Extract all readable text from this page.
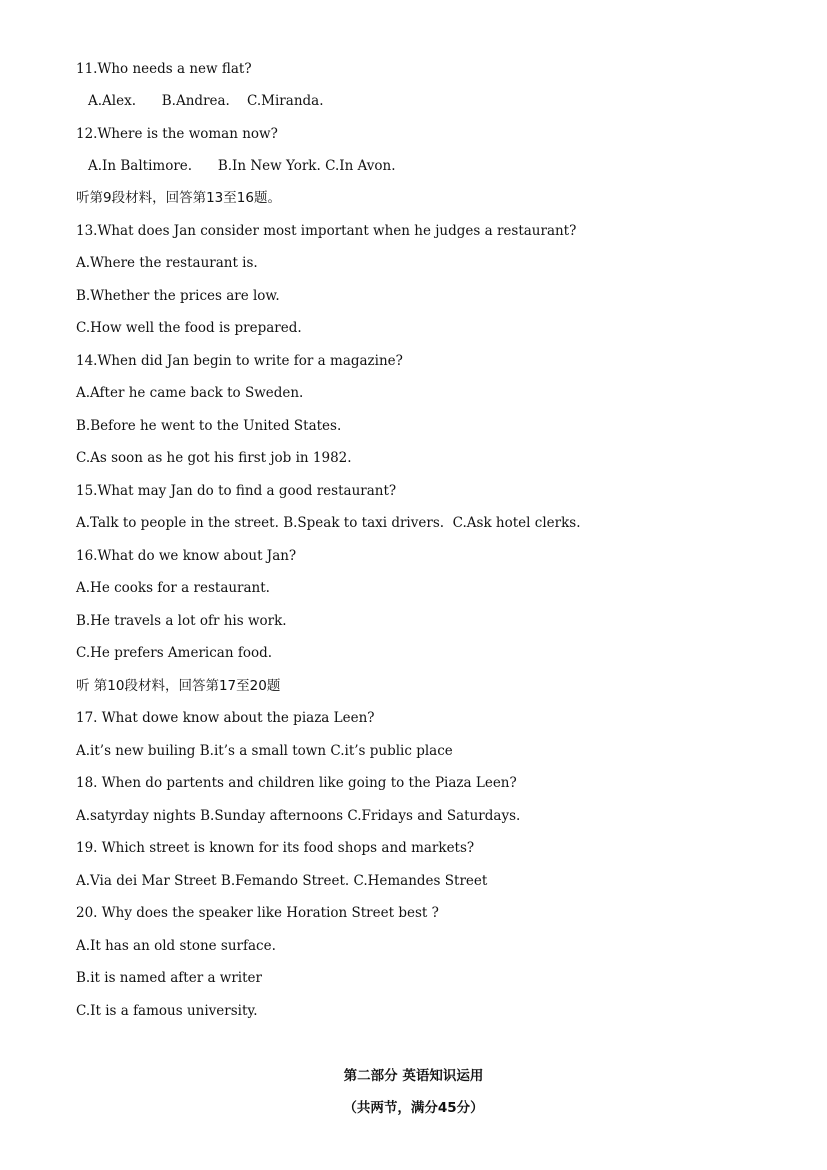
11.Who needs a new flat?
A.Alex. B.Andrea. C.Miranda.
12.Where is the woman now?
A.In Baltimore. B.In New York. C.In Avon.
听第9段材料，回答第13至16题。
13.What does Jan consider most important when he judges a restaurant?
A.Where the restaurant is.
B.Whether the prices are low.
C.How well the food is prepared.
14.When did Jan begin to write for a magazine?
A.After he came back to Sweden.
B.Before he went to the United States.
C.As soon as he got his first job in 1982.
15.What may Jan do to find a good restaurant?
A.Talk to people in the street. B.Speak to taxi drivers. C.Ask hotel clerks.
16.What do we know about Jan?
A.He cooks for a restaurant.
B.He travels a lot ofr his work.
C.He prefers American food.
听 第10段材料，回答第17至20题
17. What dowe know about the piaza Leen?
A.it’s new builing B.it’s a small town C.it’s public place
18. When do partents and children like going to the Piaza Leen?
A.satyrday nights B.Sunday afternoons C.Fridays and Saturdays.
19. Which street is known for its food shops and markets?
A.Via dei Mar Street B.Femando Street. C.Hemandes Street
20. Why does the speaker like Horation Street best ?
A.It has an old stone surface.
B.it is named after a writer
C.It is a famous university.
第二部分 英语知识运用
（共两节，满分45分）
